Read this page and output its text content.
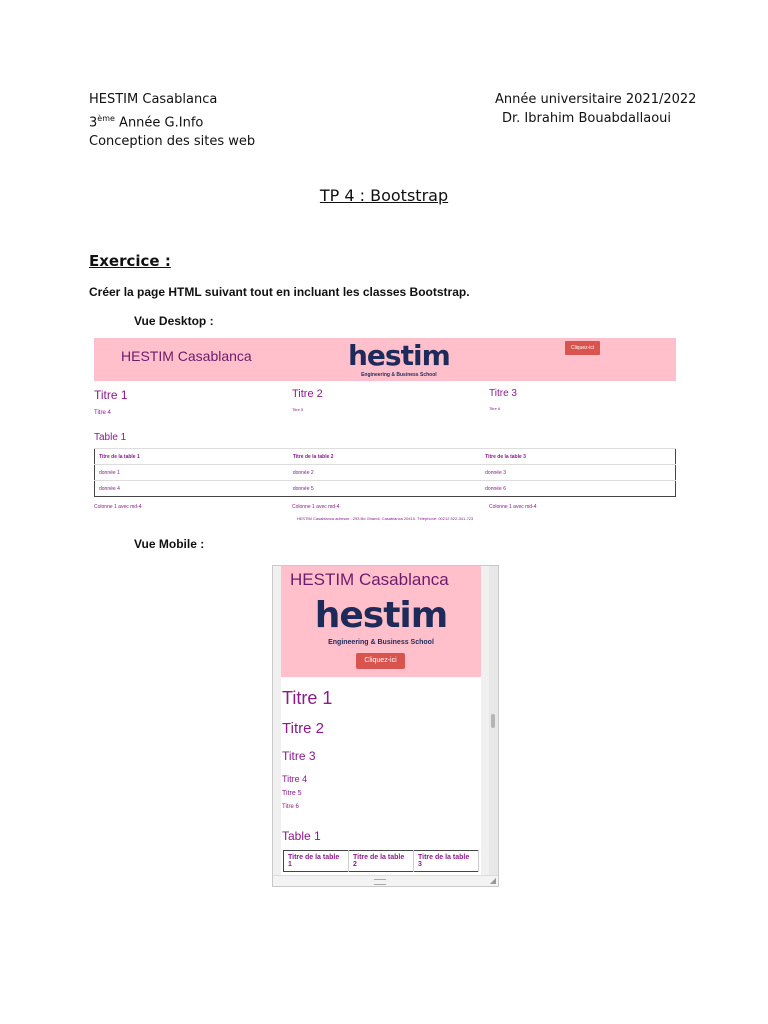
HESTIM Casablanca
3ème Année G.Info
Conception des sites web
Année universitaire 2021/2022
Dr. Ibrahim Bouabdallaoui
TP 4 : Bootstrap
Exercice :
Créer la page HTML suivant tout en incluant les classes Bootstrap.
Vue Desktop :
HESTIM Casablanca	hestim
Engineering & Business School
Cliquez-ici
Titre 1
Titre 4
Titre 2
Titre 5
Titre 3
Titre 6
Table 1
Titre de la table 1	Titre de la table 2	Titre de la table 3
donnée 1	donnée 2	donnée 3
donnée 4	donnée 5	donnée 6
Colonne 1 avec md-4	Colonne 1 avec md-4	Colonne 1 avec md-4
HESTIM Casablanca adresse : 293 Bd Ghandi, Casablanca 20410. Téléphone: 00212 522-341-723
Vue Mobile :
HESTIM Casablanca
hestim
Engineering & Business School
Cliquez-ici
Titre 1
Titre 2
Titre 3
Titre 4
Titre 5
Titre 6
Table 1
Titre de la table 1	Titre de la table 2	Titre de la table 3
◢
